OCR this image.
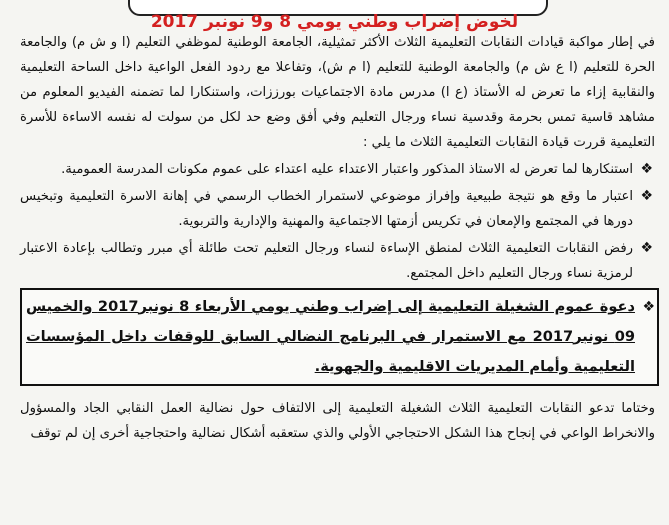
لخوض إضراب وطني يومي 8 و9 نونبر 2017

في إطار مواكبة قيادات النقابات التعليمية الثلاث الأكثر تمثيلية، الجامعة الوطنية لموظفي التعليم (ا و ش م) والجامعة الحرة للتعليم (ا ع ش م) والجامعة الوطنية للتعليم (ا م ش)، وتفاعلا مع ردود الفعل الواعية داخل الساحة التعليمية والنقابية إزاء ما تعرض له الأستاذ (ع ا) مدرس مادة الاجتماعيات بورززات، واستنكارا لما تضمنه الفيديو المعلوم من مشاهد قاسية تمس بحرمة وقدسية نساء ورجال التعليم وفي أفق وضع حد لكل من سولت له نفسه الاساءة للأسرة التعليمية قررت قيادة النقابات التعليمية الثلاث ما يلي :

❖
استنكارها لما تعرض له الاستاذ المذكور واعتبار الاعتداء عليه اعتداء على عموم مكونات المدرسة العمومية.
❖
اعتبار ما وقع هو نتيجة طبيعية وإفراز موضوعي لاستمرار الخطاب الرسمي في إهانة الاسرة التعليمية وتبخيس دورها في المجتمع والإمعان في تكريس أزمتها الاجتماعية والمهنية والإدارية والتربوية.
❖
رفض النقابات التعليمية الثلاث لمنطق الإساءة لنساء ورجال التعليم تحت طائلة أي مبرر وتطالب بإعادة الاعتبار لرمزية نساء ورجال التعليم داخل المجتمع.
❖
دعوة عموم الشغيلة التعليمية إلى إضراب وطني يومي الأربعاء 8 نونبر2017 والخميس 09 نونبر2017 مع الاستمرار في البرنامج النضالي السابق للوقفات داخل المؤسسات التعليمية وأمام المديريات الاقليمية والجهوية.

وختاما تدعو النقابات التعليمية الثلاث الشغيلة التعليمية إلى الالتفاف حول نضالية العمل النقابي الجاد والمسؤول والانخراط الواعي في إنجاح هذا الشكل الاحتجاجي الأولي والذي ستعقبه أشكال نضالية واحتجاجية أخرى إن لم توقف
